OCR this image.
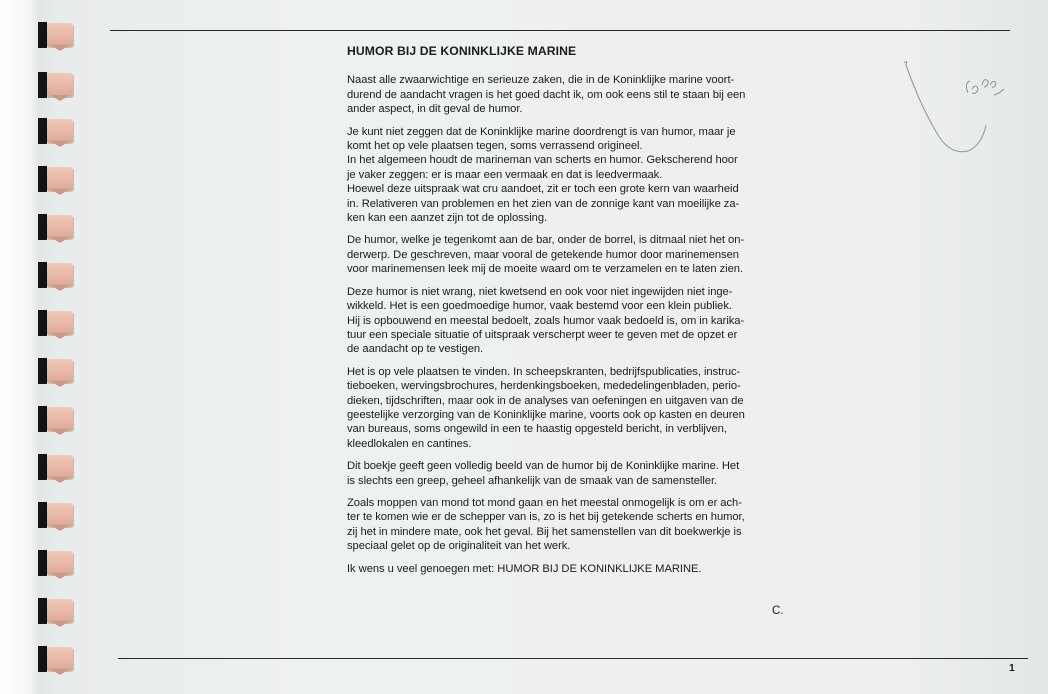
HUMOR BIJ DE KONINKLIJKE MARINE
Naast alle zwaarwichtige en serieuze zaken, die in de Koninklijke marine voort-
durend de aandacht vragen is het goed dacht ik, om ook eens stil te staan bij een
ander aspect, in dit geval de humor.
Je kunt niet zeggen dat de Koninklijke marine doordrengt is van humor, maar je
komt het op vele plaatsen tegen, soms verrassend origineel.
In het algemeen houdt de marineman van scherts en humor. Gekscherend hoor
je vaker zeggen: er is maar een vermaak en dat is leedvermaak.
Hoewel deze uitspraak wat cru aandoet, zit er toch een grote kern van waarheid
in. Relativeren van problemen en het zien van de zonnige kant van moeilijke za-
ken kan een aanzet zijn tot de oplossing.
De humor, welke je tegenkomt aan de bar, onder de borrel, is ditmaal niet het on-
derwerp. De geschreven, maar vooral de getekende humor door marinemensen
voor marinemensen leek mij de moeite waard om te verzamelen en te laten zien.
Deze humor is niet wrang, niet kwetsend en ook voor niet ingewijden niet inge-
wikkeld. Het is een goedmoedige humor, vaak bestemd voor een klein publiek.
Hij is opbouwend en meestal bedoelt, zoals humor vaak bedoeld is, om in karika-
tuur een speciale situatie of uitspraak verscherpt weer te geven met de opzet er
de aandacht op te vestigen.
Het is op vele plaatsen te vinden. In scheepskranten, bedrijfspublicaties, instruc-
tieboeken, wervingsbrochures, herdenkingsboeken, mededelingenbladen, perio-
dieken, tijdschriften, maar ook in de analyses van oefeningen en uitgaven van de
geestelijke verzorging van de Koninklijke marine, voorts ook op kasten en deuren
van bureaus, soms ongewild in een te haastig opgesteld bericht, in verblijven,
kleedlokalen en cantines.
Dit boekje geeft geen volledig beeld van de humor bij de Koninklijke marine. Het
is slechts een greep, geheel afhankelijk van de smaak van de samensteller.
Zoals moppen van mond tot mond gaan en het meestal onmogelijk is om er ach-
ter te komen wie er de schepper van is, zo is het bij getekende scherts en humor,
zij het in mindere mate, ook het geval. Bij het samenstellen van dit boekwerkje is
speciaal gelet op de originaliteit van het werk.
Ik wens u veel genoegen met: HUMOR BIJ DE KONINKLIJKE MARINE.
C.
1
